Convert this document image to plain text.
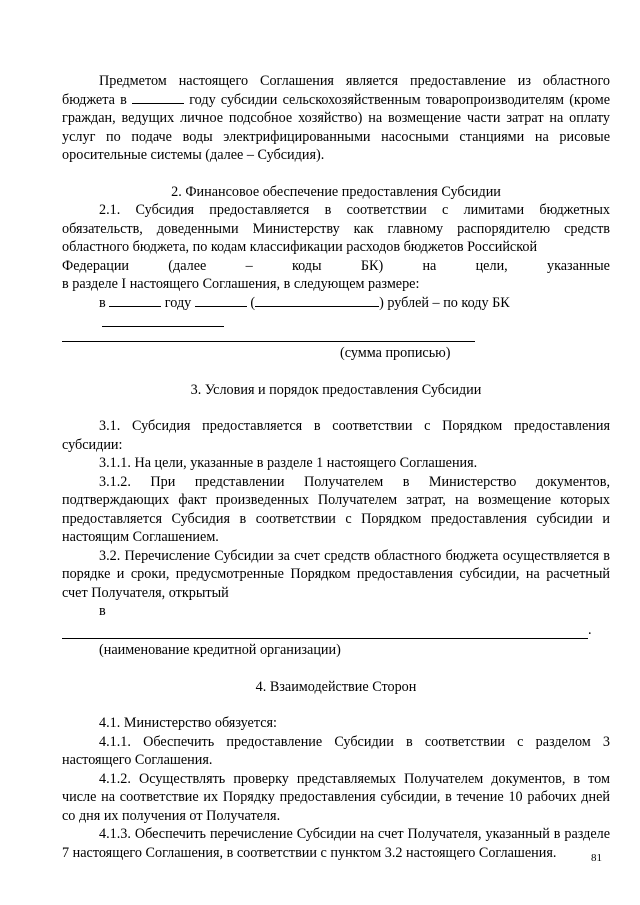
Предметом настоящего Соглашения является предоставление из областного бюджета в	году субсидии сельскохозяйственным товаропроизводителям (кроме граждан, ведущих личное подсобное хозяйство) на возмещение части затрат на оплату услуг по подаче воды электрифицированными насосными станциями на рисовые оросительные системы (далее – Субсидия).

2. Финансовое обеспечение предоставления Субсидии

2.1. Субсидия предоставляется в соответствии с лимитами бюджетных обязательств, доведенными Министерству как главному распорядителю средств областного бюджета, по кодам классификации расходов бюджетов Российской

Федерации	(далее	–	коды	БК)	на	цели,	указанные

в разделе I настоящего Соглашения, в следующем размере:

в	году	(	) рублей – по коду БК

(сумма прописью)

3. Условия и порядок предоставления Субсидии

3.1. Субсидия предоставляется в соответствии с Порядком предоставления субсидии:

3.1.1. На цели, указанные в разделе 1 настоящего Соглашения.

3.1.2. При представлении Получателем в Министерство документов, подтверждающих факт произведенных Получателем затрат, на возмещение которых предоставляется Субсидия в соответствии с Порядком предоставления субсидии и настоящим Соглашением.

3.2. Перечисление Субсидии за счет средств областного бюджета осуществляется в порядке и сроки, предусмотренные Порядком предоставления субсидии, на расчетный счет Получателя, открытый

в

.

(наименование кредитной организации)

4. Взаимодействие Сторон

4.1. Министерство обязуется:

4.1.1. Обеспечить предоставление Субсидии в соответствии с разделом 3 настоящего Соглашения.

4.1.2. Осуществлять проверку представляемых Получателем документов, в том числе на соответствие их Порядку предоставления субсидии, в течение 10 рабочих дней со дня их получения от Получателя.

4.1.3. Обеспечить перечисление Субсидии на счет Получателя, указанный в разделе 7 настоящего Соглашения, в соответствии с пунктом 3.2 настоящего Соглашения.	81
